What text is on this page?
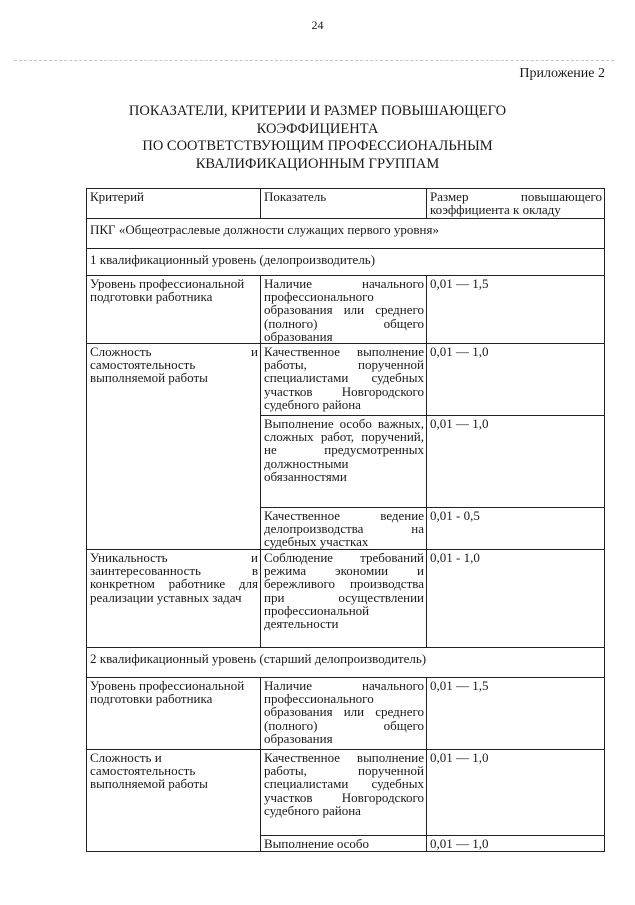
24
Приложение 2
ПОКАЗАТЕЛИ, КРИТЕРИИ И РАЗМЕР ПОВЫШАЮЩЕГО
КОЭФФИЦИЕНТА
ПО СООТВЕТСТВУЮЩИМ ПРОФЕССИОНАЛЬНЫМ
КВАЛИФИКАЦИОННЫМ ГРУППАМ
Критерий	Показатель	Размер повышающего коэффициента к окладу
ПКГ «Общеотраслевые должности служащих первого уровня»		
1 квалификационный уровень (делопроизводитель)		
Уровень профессиональной подготовки работника	Наличие начального профессионального образования или среднего (полного) общего образования	0,01 — 1,5
Сложность и самостоятельность выполняемой работы	Качественное выполнение работы, порученной специалистами судебных участков Новгородского судебного района	0,01 — 1,0
	Выполнение особо важных, сложных работ, поручений, не предусмотренных должностными обязанностями	0,01 — 1,0
	Качественное ведение делопроизводства на судебных участках	0,01 - 0,5
Уникальность и заинтересованность в конкретном работнике для реализации уставных задач	Соблюдение требований режима экономии и бережливого производства при осуществлении профессиональной деятельности	0,01 - 1,0
2 квалификационный уровень (старший делопроизводитель)		
Уровень профессиональной подготовки работника	Наличие начального профессионального образования или среднего (полного) общего образования	0,01 — 1,5
Сложность и самостоятельность выполняемой работы	Качественное выполнение работы, порученной специалистами судебных участков Новгородского судебного района	0,01 — 1,0
	Выполнение особо	0,01 — 1,0
